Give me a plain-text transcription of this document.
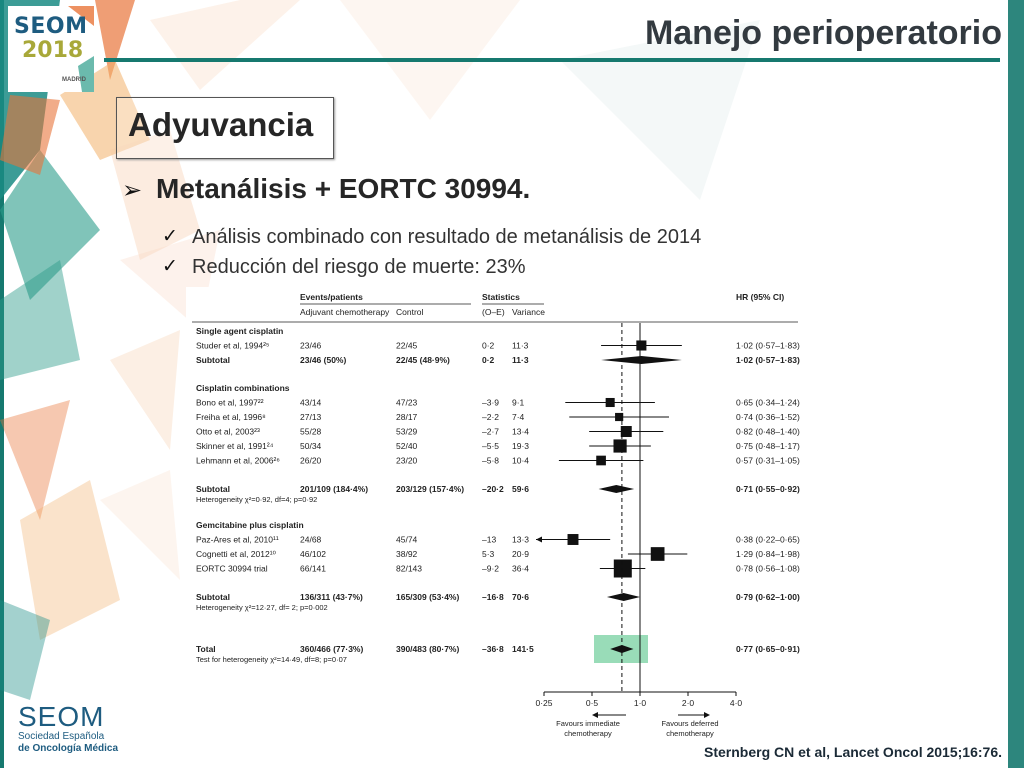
SEOM
2018
MADRID
Manejo perioperatorio
Adyuvancia
➢ Metanálisis + EORTC 30994.
✓ Análisis combinado con resultado de metanálisis de 2014
✓ Reducción del riesgo de muerte: 23%
Events/patients
Adjuvant chemotherapy Control
Statistics
(O–E) Variance
HR (95% CI)
Single agent cisplatin
Studer et al, 1994²⁵	23/46	22/45	0·2 11·3	1·02 (0·57–1·83)
Subtotal	23/46 (50%)	22/45 (48·9%)	0·2 11·3	1·02 (0·57–1·83)
Cisplatin combinations
Bono et al, 1997²²	43/14	47/23	–3·9 9·1	0·65 (0·34–1·24)
Freiha et al, 1996⁸	27/13	28/17	–2·2 7·4	0·74 (0·36–1·52)
Otto et al, 2003²³	55/28	53/29	–2·7 13·4	0·82 (0·48–1·40)
Skinner et al, 1991²⁴	50/34	52/40	–5·5 19·3	0·75 (0·48–1·17)
Lehmann et al, 2006²⁶ 26/20	23/20	–5·8 10·4	0·57 (0·31–1·05)
Subtotal	201/109 (184·4%)	203/129 (157·4%) –20·2 59·6	0·71 (0·55–0·92)
Heterogeneity χ²=0·92, df=4; p=0·92
Gemcitabine plus cisplatin
Paz-Ares et al, 2010¹¹	24/68	45/74	–13 13·3	0·38 (0·22–0·65)
Cognetti et al, 2012¹⁰	46/102	38/92	5·3 20·9	1·29 (0·84–1·98)
EORTC 30994 trial	66/141	82/143	–9·2 36·4	0·78 (0·56–1·08)
Subtotal	136/311 (43·7%)	165/309 (53·4%)	–16·8 70·6	0·79 (0·62–1·00)
Heterogeneity χ²=12·27, df= 2; p=0·002
Total	360/466 (77·3%)	390/483 (80·7%)	–36·8 141·5	0·77 (0·65–0·91)
Test for heterogeneity χ²=14·49, df=8; p=0·07
0·25	0·5	1·0	2·0	4·0
Favours immediate
chemotherapy
Favours deferred
chemotherapy
SEOM
Sociedad Española
de Oncología Médica	Sternberg CN et al, Lancet Oncol 2015;16:76.
